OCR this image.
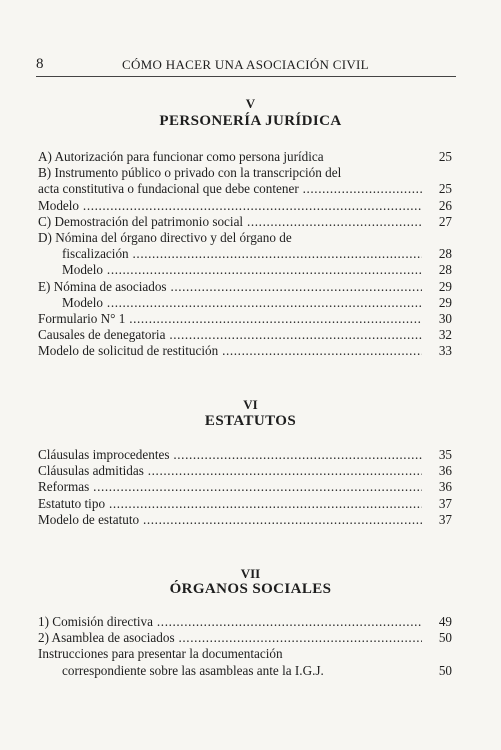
8	CÓMO HACER UNA ASOCIACIÓN CIVIL
V
PERSONERÍA JURÍDICA
A) Autorización para funcionar como persona jurídica	25
B) Instrumento público o privado con la transcripción del
acta constitutiva o fundacional que debe contener .....	25
Modelo .....	26
C) Demostración del patrimonio social .....	27
D) Nómina del órgano directivo y del órgano de
fiscalización .....	28
Modelo .....	28
E) Nómina de asociados .....	29
Modelo .....	29
Formulario N° 1 .....	30
Causales de denegatoria .....	32
Modelo de solicitud de restitución .....	33
VI
ESTATUTOS
Cláusulas improcedentes .....	35
Cláusulas admitidas .....	36
Reformas .....	36
Estatuto tipo .....	37
Modelo de estatuto .....	37
VII
ÓRGANOS SOCIALES
1) Comisión directiva .....	49
2) Asamblea de asociados .....	50
Instrucciones para presentar la documentación
correspondiente sobre las asambleas ante la I.G.J.	50
